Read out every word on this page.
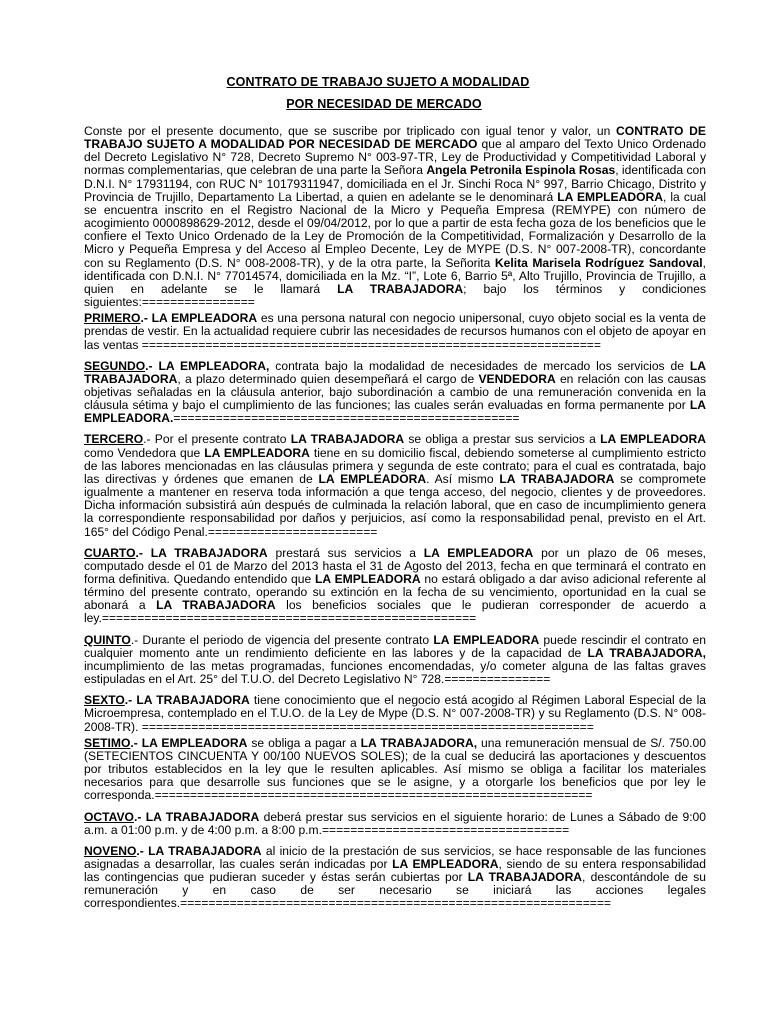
CONTRATO DE TRABAJO SUJETO A MODALIDAD
POR NECESIDAD DE MERCADO

Conste por el presente documento, que se suscribe por triplicado con igual tenor y valor, un CONTRATO DE TRABAJO SUJETO A MODALIDAD POR NECESIDAD DE MERCADO que al amparo del Texto Unico Ordenado del Decreto Legislativo N° 728, Decreto Supremo N° 003-97-TR, Ley de Productividad y Competitividad Laboral y normas complementarias, que celebran de una parte la Señora Angela Petronila Espinola Rosas, identificada con D.N.I. N° 17931194, con RUC N° 10179311947, domiciliada en el Jr. Sinchi Roca N° 997, Barrio Chicago, Distrito y Provincia de Trujillo, Departamento La Libertad, a quien en adelante se le denominará LA EMPLEADORA, la cual se encuentra inscrito en el Registro Nacional de la Micro y Pequeña Empresa (REMYPE) con número de acogimiento 0000898629-2012, desde el 09/04/2012, por lo que a partir de esta fecha goza de los beneficios que le confiere el Texto Unico Ordenado de la Ley de Promoción de la Competitividad, Formalización y Desarrollo de la Micro y Pequeña Empresa y del Acceso al Empleo Decente, Ley de MYPE (D.S. N° 007-2008-TR), concordante con su Reglamento (D.S. N° 008-2008-TR), y de la otra parte, la Señorita Kelita Marisela Rodríguez Sandoval, identificada con D.N.I. N° 77014574, domiciliada en la Mz. “I”, Lote 6, Barrio 5ª, Alto Trujillo, Provincia de Trujillo, a quien en adelante se le llamará LA TRABAJADORA; bajo los términos y condiciones siguientes:================

PRIMERO.- LA EMPLEADORA es una persona natural con negocio unipersonal, cuyo objeto social es la venta de prendas de vestir. En la actualidad requiere cubrir las necesidades de recursos humanos con el objeto de apoyar en las ventas =================================================================

SEGUNDO.- LA EMPLEADORA, contrata bajo la modalidad de necesidades de mercado los servicios de LA TRABAJADORA, a plazo determinado quien desempeñará el cargo de VENDEDORA en relación con las causas objetivas señaladas en la cláusula anterior, bajo subordinación a cambio de una remuneración convenida en la cláusula sétima y bajo el cumplimiento de las funciones; las cuales serán evaluadas en forma permanente por LA EMPLEADORA.=================================================

TERCERO.- Por el presente contrato LA TRABAJADORA se obliga a prestar sus servicios a LA EMPLEADORA como Vendedora que LA EMPLEADORA tiene en su domicilio fiscal, debiendo someterse al cumplimiento estricto de las labores mencionadas en las cláusulas primera y segunda de este contrato; para el cual es contratada, bajo las directivas y órdenes que emanen de LA EMPLEADORA. Así mismo LA TRABAJADORA se compromete igualmente a mantener en reserva toda información a que tenga acceso, del negocio, clientes y de proveedores. Dicha información subsistirá aún después de culminada la relación laboral, que en caso de incumplimiento genera la correspondiente responsabilidad por daños y perjuicios, así como la responsabilidad penal, previsto en el Art. 165° del Código Penal.========================

CUARTO.- LA TRABAJADORA prestará sus servicios a LA EMPLEADORA por un plazo de 06 meses, computado desde el 01 de Marzo del 2013 hasta el 31 de Agosto del 2013, fecha en que terminará el contrato en forma definitiva. Quedando entendido que LA EMPLEADORA no estará obligado a dar aviso adicional referente al término del presente contrato, operando su extinción en la fecha de su vencimiento, oportunidad en la cual se abonará a LA TRABAJADORA los beneficios sociales que le pudieran corresponder de acuerdo a ley.=====================================================

QUINTO.- Durante el periodo de vigencia del presente contrato LA EMPLEADORA puede rescindir el contrato en cualquier momento ante un rendimiento deficiente en las labores y de la capacidad de LA TRABAJADORA, incumplimiento de las metas programadas, funciones encomendadas, y/o cometer alguna de las faltas graves estipuladas en el Art. 25° del T.U.O. del Decreto Legislativo N° 728.===============

SEXTO.- LA TRABAJADORA tiene conocimiento que el negocio está acogido al Régimen Laboral Especial de la Microempresa, contemplado en el T.U.O. de la Ley de Mype (D.S. N° 007-2008-TR) y su Reglamento (D.S. N° 008-2008-TR). ================================================================

SETIMO.- LA EMPLEADORA se obliga a pagar a LA TRABAJADORA, una remuneración mensual de S/. 750.00 (SETECIENTOS CINCUENTA Y 00/100 NUEVOS SOLES); de la cual se deducirá las aportaciones y descuentos por tributos establecidos en la ley que le resulten aplicables. Así mismo se obliga a facilitar los materiales necesarios para que desarrolle sus funciones que se le asigne, y a otorgarle los beneficios que por ley le corresponda.==============================================================

OCTAVO.- LA TRABAJADORA deberá prestar sus servicios en el siguiente horario: de Lunes a Sábado de 9:00 a.m. a 01:00 p.m. y de 4:00 p.m. a 8:00 p.m.===================================

NOVENO.- LA TRABAJADORA al inicio de la prestación de sus servicios, se hace responsable de las funciones asignadas a desarrollar, las cuales serán indicadas por LA EMPLEADORA, siendo de su entera responsabilidad las contingencias que pudieran suceder y éstas serán cubiertas por LA TRABAJADORA, descontándole de su remuneración y en caso de ser necesario se iniciará las acciones legales correspondientes.=============================================================
